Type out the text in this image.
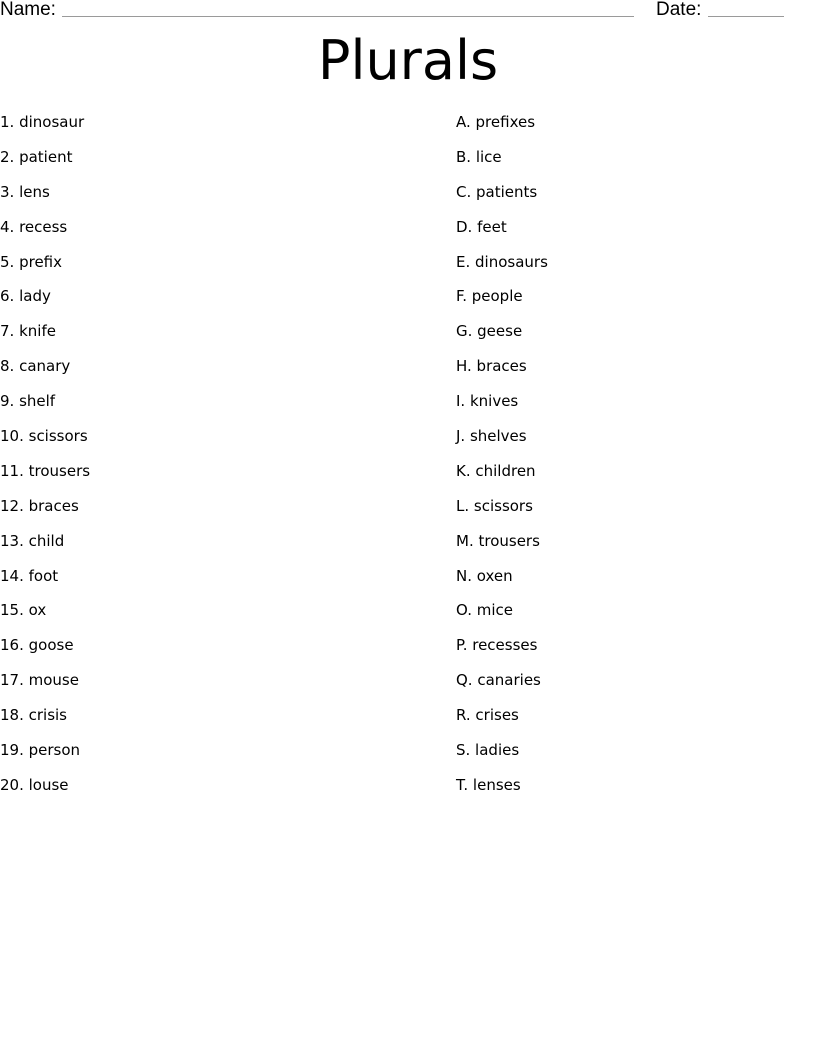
Name:	Date:
Plurals
1. dinosaur
2. patient
3. lens
4. recess
5. prefix
6. lady
7. knife
8. canary
9. shelf
10. scissors
11. trousers
12. braces
13. child
14. foot
15. ox
16. goose
17. mouse
18. crisis
19. person
20. louse
A. prefixes
B. lice
C. patients
D. feet
E. dinosaurs
F. people
G. geese
H. braces
I. knives
J. shelves
K. children
L. scissors
M. trousers
N. oxen
O. mice
P. recesses
Q. canaries
R. crises
S. ladies
T. lenses
